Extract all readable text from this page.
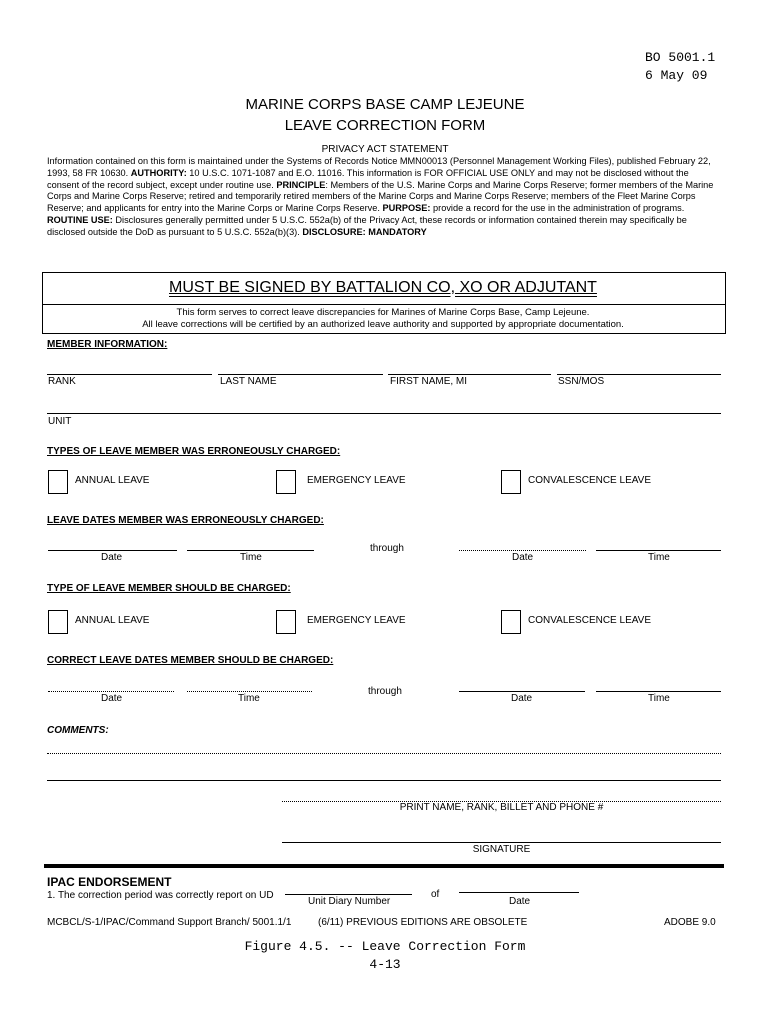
BO 5001.1
6 May 09
MARINE CORPS BASE CAMP LEJEUNE
LEAVE CORRECTION FORM
PRIVACY ACT STATEMENT
Information contained on this form is maintained under the Systems of Records Notice MMN00013 (Personnel Management Working Files), published February 22, 1993, 58 FR 10630. AUTHORITY: 10 U.S.C. 1071-1087 and E.O. 11016. This information is FOR OFFICIAL USE ONLY and may not be disclosed without the consent of the record subject, except under routine use. PRINCIPLE: Members of the U.S. Marine Corps and Marine Corps Reserve; former members of the Marine Corps and Marine Corps Reserve; retired and temporarily retired members of the Marine Corps and Marine Corps Reserve; members of the Fleet Marine Corps Reserve; and applicants for entry into the Marine Corps or Marine Corps Reserve. PURPOSE: provide a record for the use in the administration of programs. ROUTINE USE: Disclosures generally permitted under 5 U.S.C. 552a(b) of the Privacy Act, these records or information contained therein may specifically be disclosed outside the DoD as pursuant to 5 U.S.C. 552a(b)(3). DISCLOSURE: MANDATORY
MUST BE SIGNED BY BATTALION CO, XO OR ADJUTANT
This form serves to correct leave discrepancies for Marines of Marine Corps Base, Camp Lejeune.
All leave corrections will be certified by an authorized leave authority and supported by appropriate documentation.
MEMBER INFORMATION:
RANK	LAST NAME	FIRST NAME, MI	SSN/MOS
UNIT
TYPES OF LEAVE MEMBER WAS ERRONEOUSLY CHARGED:
ANNUAL LEAVE	EMERGENCY LEAVE	CONVALESCENCE LEAVE
LEAVE DATES MEMBER WAS ERRONEOUSLY CHARGED:
Date	Time
through
Date	Time
TYPE OF LEAVE MEMBER SHOULD BE CHARGED:
ANNUAL LEAVE	EMERGENCY LEAVE	CONVALESCENCE LEAVE
CORRECT LEAVE DATES MEMBER SHOULD BE CHARGED:
Date	Time
through
Date	Time
COMMENTS:
PRINT NAME, RANK, BILLET AND PHONE #
SIGNATURE
IPAC ENDORSEMENT
1. The correction period was correctly report on UD
Unit Diary Number
of
Date
MCBCL/S-1/IPAC/Command Support Branch/ 5001.1/1	(6/11) PREVIOUS EDITIONS ARE OBSOLETE	ADOBE 9.0
Figure 4.5. -- Leave Correction Form
4-13
